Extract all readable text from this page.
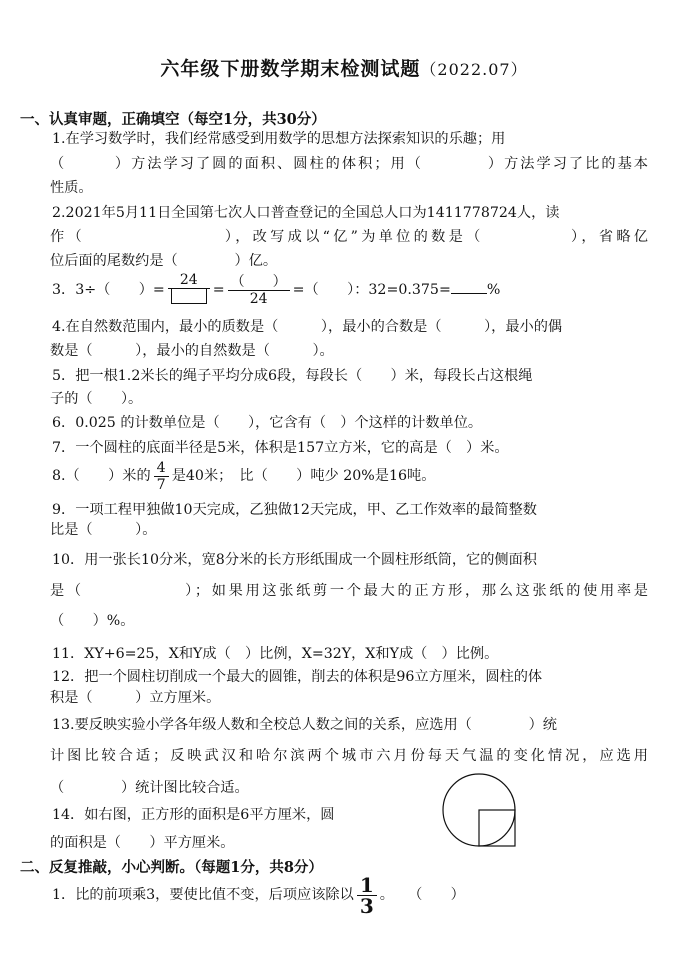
六年级下册数学期末检测试题（2022.07）
一、认真审题，正确填空（每空1分，共30分）
1.在学习数学时，我们经常感受到用数学的思想方法探索知识的乐趣；用
（　　　）方法学习了圆的面积、圆柱的体积；用（　　　　）方法学习了比的基本
性质。
2.2021年5月11日全国第七次人口普查登记的全国总人口为1411778724人，读
作（　　　　　　　　），改写成以“亿”为单位的数是（　　　　　），省略亿
位后面的尾数约是（　　　　）亿。
3．3÷（　　）=
24
= $\frac{( )}{24}$ =（　　）：32=0.375=	%
4.在自然数范围内，最小的质数是（　　　），最小的合数是（　　　），最小的偶
数是（　　　），最小的自然数是（　　　）。
5．把一根1.2米长的绳子平均分成6段，每段长（　　）米，每段长占这根绳
子的（　　）。
6．0.025 的计数单位是（　　），它含有（　）个这样的计数单位。
7．一个圆柱的底面半径是5米，体积是157立方米，它的高是（　）米。
8.（　　）米的 $\frac{4}{7}$ 是40米；　比（　　）吨少 20%是16吨。
9．一项工程甲独做10天完成，乙独做12天完成，甲、乙工作效率的最简整数
比是（　　　）。
10．用一张长10分米，宽8分米的长方形纸围成一个圆柱形纸筒，它的侧面积
是（　　　　　　）；如果用这张纸剪一个最大的正方形，那么这张纸的使用率是
（　　）%。
11．XY+6=25，X和Y成（　）比例，X=32Y，X和Y成（　）比例。
12．把一个圆柱切削成一个最大的圆锥，削去的体积是96立方厘米，圆柱的体
积是（　　　）立方厘米。
13.要反映实验小学各年级人数和全校总人数之间的关系，应选用（　　　　）统
计图比较合适；反映武汉和哈尔滨两个城市六月份每天气温的变化情况，应选用
（　　　　）统计图比较合适。
14．如右图，正方形的面积是6平方厘米，圆
的面积是（　　）平方厘米。
二、反复推敲，小心判断。（每题1分，共8分）
1．比的前项乘3，要使比值不变，后项应该除以 $\frac{1}{3}$ 。　　（　　）
